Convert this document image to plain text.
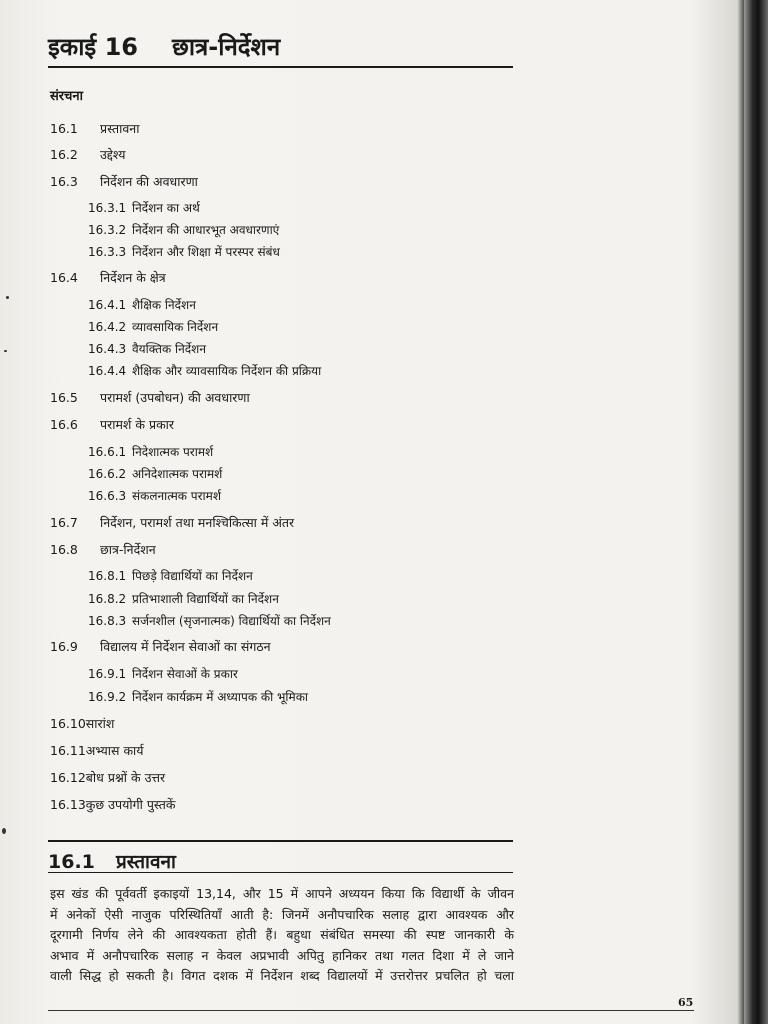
इकाई 16 छात्र-निर्देशन
संरचना
16.1 प्रस्तावना
16.2 उद्देश्य
16.3 निर्देशन की अवधारणा
16.3.1 निर्देशन का अर्थ
16.3.2 निर्देशन की आधारभूत अवधारणाएं
16.3.3 निर्देशन और शिक्षा में परस्पर संबंध
16.4 निर्देशन के क्षेत्र
16.4.1 शैक्षिक निर्देशन
16.4.2 व्यावसायिक निर्देशन
16.4.3 वैयक्तिक निर्देशन
16.4.4 शैक्षिक और व्यावसायिक निर्देशन की प्रक्रिया
16.5 परामर्श (उपबोधन) की अवधारणा
16.6 परामर्श के प्रकार
16.6.1 निदेशात्मक परामर्श
16.6.2 अनिदेशात्मक परामर्श
16.6.3 संकलनात्मक परामर्श
16.7 निर्देशन, परामर्श तथा मनश्चिकित्सा में अंतर
16.8 छात्र-निर्देशन
16.8.1 पिछड़े विद्यार्थियों का निर्देशन
16.8.2 प्रतिभाशाली विद्यार्थियों का निर्देशन
16.8.3 सर्जनशील (सृजनात्मक) विद्यार्थियों का निर्देशन
16.9 विद्यालय में निर्देशन सेवाओं का संगठन
16.9.1 निर्देशन सेवाओं के प्रकार
16.9.2 निर्देशन कार्यक्रम में अध्यापक की भूमिका
16.10सारांश
16.11अभ्यास कार्य
16.12बोध प्रश्नों के उत्तर
16.13कुछ उपयोगी पुस्तकें
16.1 प्रस्तावना
इस खंड की पूर्ववर्ती इकाइयों 13,14, और 15 में आपने अध्ययन किया कि विद्यार्थी के जीवन
में अनेकों ऐसी नाजुक परिस्थितियाँ आती है: जिनमें अनौपचारिक सलाह द्वारा आवश्यक और
दूरगामी निर्णय लेने की आवश्यकता होती हैं। बहुधा संबंधित समस्या की स्पष्ट जानकारी के
अभाव में अनौपचारिक सलाह न केवल अप्रभावी अपितु हानिकर तथा गलत दिशा में ले जाने
वाली सिद्ध हो सकती है। विगत दशक में निर्देशन शब्द विद्यालयों में उत्तरोत्तर प्रचलित हो चला
65
